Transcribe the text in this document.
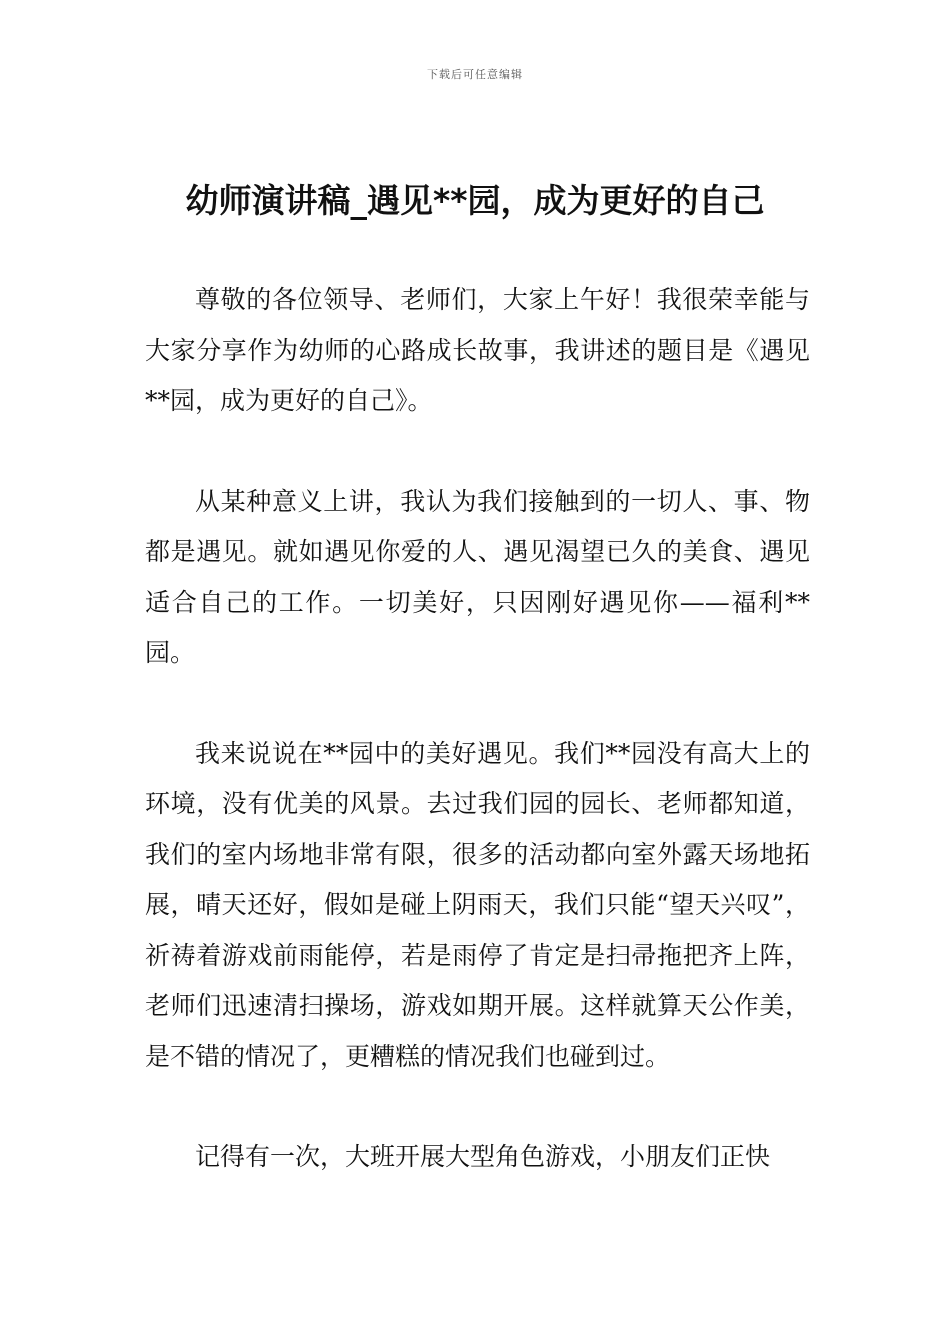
下载后可任意编辑
幼师演讲稿_遇见**园，成为更好的自己

尊敬的各位领导、老师们，大家上午好！我很荣幸能与大家分享作为幼师的心路成长故事，我讲述的题目是《遇见**园，成为更好的自己》。

从某种意义上讲，我认为我们接触到的一切人、事、物都是遇见。就如遇见你爱的人、遇见渴望已久的美食、遇见适合自己的工作。一切美好，只因刚好遇见你——福利**园。

我来说说在**园中的美好遇见。我们**园没有高大上的环境，没有优美的风景。去过我们园的园长、老师都知道，我们的室内场地非常有限，很多的活动都向室外露天场地拓展，晴天还好，假如是碰上阴雨天，我们只能“望天兴叹”，祈祷着游戏前雨能停，若是雨停了肯定是扫帚拖把齐上阵，老师们迅速清扫操场，游戏如期开展。这样就算天公作美，是不错的情况了，更糟糕的情况我们也碰到过。

记得有一次，大班开展大型角色游戏，小朋友们正快
